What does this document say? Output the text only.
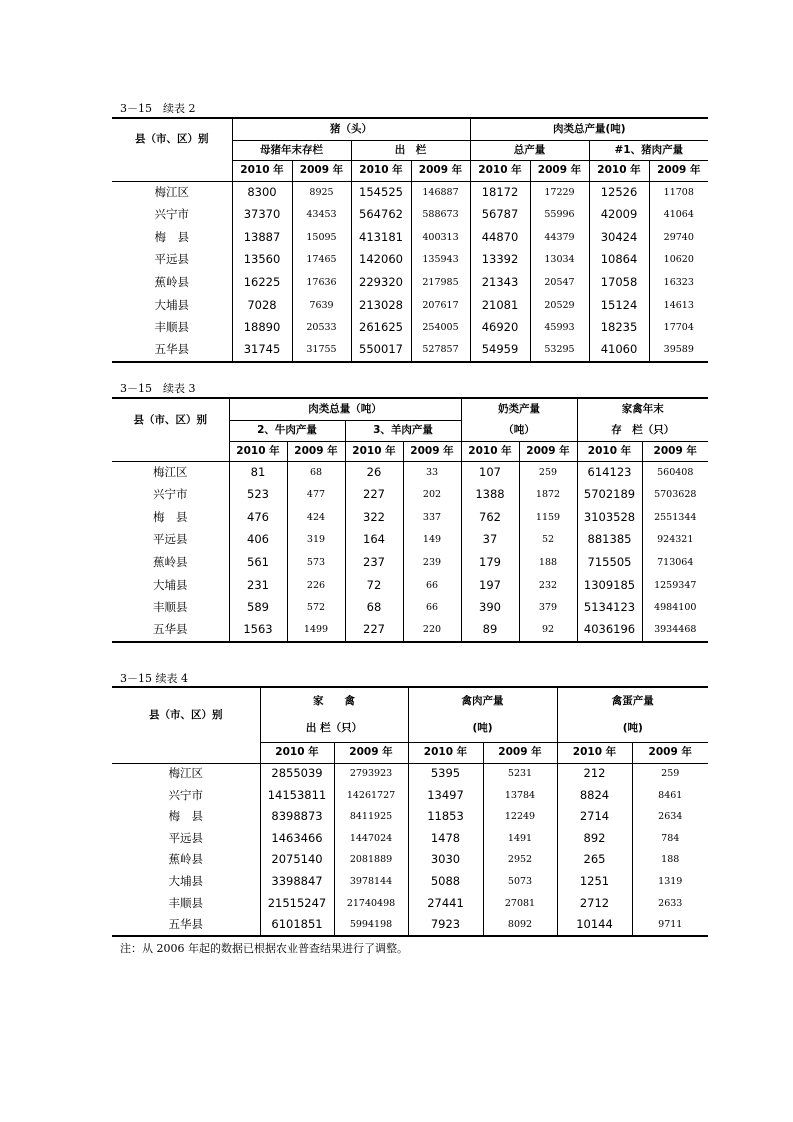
3－15　续表 2
县（市、区）别	猪（头）				肉类总产量(吨)			
	母猪年末存栏		出　栏		总产量		#1、猪肉产量	
	2010 年	2009 年	2010 年	2009 年	2010 年	2009 年	2010 年	2009 年
梅江区	8300	8925	154525	146887	18172	17229	12526	11708
兴宁市	37370	43453	564762	588673	56787	55996	42009	41064
梅　县	13887	15095	413181	400313	44870	44379	30424	29740
平远县	13560	17465	142060	135943	13392	13034	10864	10620
蕉岭县	16225	17636	229320	217985	21343	20547	17058	16323
大埔县	7028	7639	213028	207617	21081	20529	15124	14613
丰顺县	18890	20533	261625	254005	46920	45993	18235	17704
五华县	31745	31755	550017	527857	54959	53295	41060	39589
3－15　续表 3
县（市、区）别	肉类总量（吨）				奶类产量		家禽年末	
	2、牛肉产量		3、羊肉产量		（吨）		存　栏（只）	
	2010 年	2009 年	2010 年	2009 年	2010 年	2009 年	2010 年	2009 年
梅江区	81	68	26	33	107	259	614123	560408
兴宁市	523	477	227	202	1388	1872	5702189	5703628
梅　县	476	424	322	337	762	1159	3103528	2551344
平远县	406	319	164	149	37	52	881385	924321
蕉岭县	561	573	237	239	179	188	715505	713064
大埔县	231	226	72	66	197	232	1309185	1259347
丰顺县	589	572	68	66	390	379	5134123	4984100
五华县	1563	1499	227	220	89	92	4036196	3934468
3－15 续表 4
县（市、区）别	家　　禽		禽肉产量		禽蛋产量	
	出 栏（只）		(吨)		(吨)	
	2010 年	2009 年	2010 年	2009 年	2010 年	2009 年
梅江区	2855039	2793923	5395	5231	212	259
兴宁市	14153811	14261727	13497	13784	8824	8461
梅　县	8398873	8411925	11853	12249	2714	2634
平远县	1463466	1447024	1478	1491	892	784
蕉岭县	2075140	2081889	3030	2952	265	188
大埔县	3398847	3978144	5088	5073	1251	1319
丰顺县	21515247	21740498	27441	27081	2712	2633
五华县	6101851	5994198	7923	8092	10144	9711
注：从 2006 年起的数据已根据农业普查结果进行了调整。
